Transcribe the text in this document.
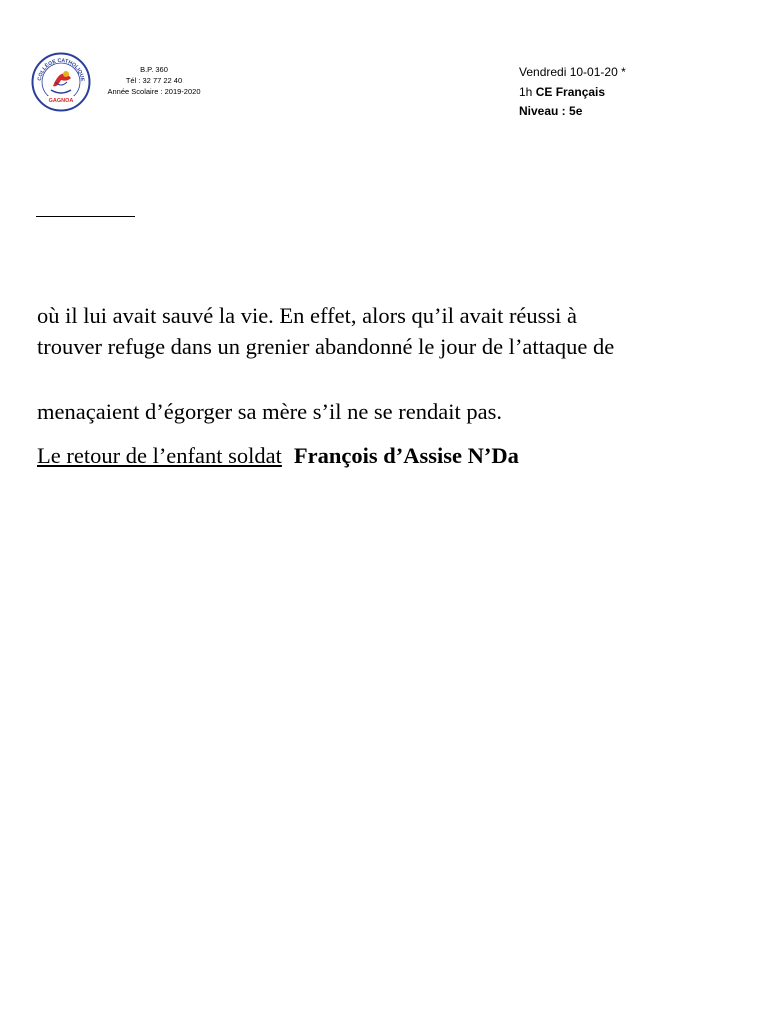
COLLÈGE CATHOLIQUE
GAGNOA
B.P. 360
Tél : 32 77 22 40
Année Scolaire : 2019-2020
Vendredi 10-01-20 *
1h CE Français
Niveau : 5e
où il lui avait sauvé la vie. En effet, alors qu’il avait réussi à
trouver refuge dans un grenier abandonné le jour de l’attaque de
menaçaient d’égorger sa mère s’il ne se rendait pas.
Le retour de l’enfant soldat François d’Assise N’Da
